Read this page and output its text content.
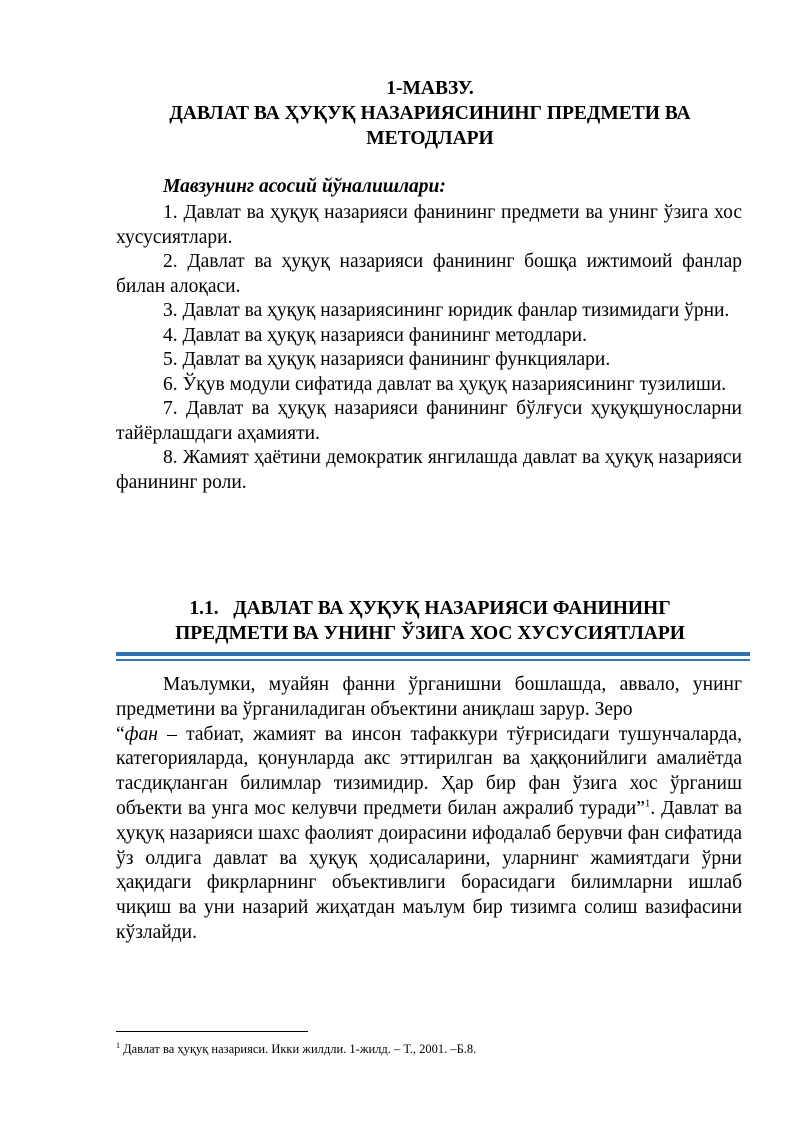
1-МАВЗУ.
ДАВЛАТ ВА ҲУҚУҚ НАЗАРИЯСИНИНГ ПРЕДМЕТИ ВА
МЕТОДЛАРИ
Мавзунинг асосий йўналишлари:
1. Давлат ва ҳуқуқ назарияси фанининг предмети ва унинг ўзига хос хусусиятлари.
2. Давлат ва ҳуқуқ назарияси фанининг бошқа ижтимоий фанлар билан алоқаси.
3. Давлат ва ҳуқуқ назариясининг юридик фанлар тизимидаги ўрни.
4. Давлат ва ҳуқуқ назарияси фанининг методлари.
5. Давлат ва ҳуқуқ назарияси фанининг функциялари.
6. Ўқув модули сифатида давлат ва ҳуқуқ назариясининг тузилиши.
7. Давлат ва ҳуқуқ назарияси фанининг бўлғуси ҳуқуқшуносларни тайёрлашдаги аҳамияти.
8. Жамият ҳаётини демократик янгилашда давлат ва ҳуқуқ назарияси фанининг роли.
1.1.   ДАВЛАТ ВА ҲУҚУҚ НАЗАРИЯСИ ФАНИНИНГ
ПРЕДМЕТИ ВА УНИНГ ЎЗИГА ХОС ХУСУСИЯТЛАРИ

Маълумки, муайян фанни ўрганишни бошлашда, аввало, унинг предметини ва ўрганиладиган объектини аниқлаш зарур. Зеро

“фан – табиат, жамият ва инсон тафаккури тўғрисидаги тушунчаларда, категорияларда, қонунларда акс эттирилган ва ҳаққонийлиги амалиётда тасдиқланган билимлар тизимидир. Ҳар бир фан ўзига хос ўрганиш объекти ва унга мос келувчи предмети билан ажралиб туради”$^1$. Давлат ва ҳуқуқ назарияси шахс фаолият доирасини ифодалаб берувчи фан сифатида ўз олдига давлат ва ҳуқуқ ҳодисаларини, уларнинг жамиятдаги ўрни ҳақидаги фикрларнинг объективлиги борасидаги билимларни ишлаб чиқиш ва уни назарий жиҳатдан маълум бир тизимга солиш вазифасини кўзлайди.

$^1$ Давлат ва ҳуқуқ назарияси. Икки жилдли. 1-жилд. – Т., 2001. –Б.8.
